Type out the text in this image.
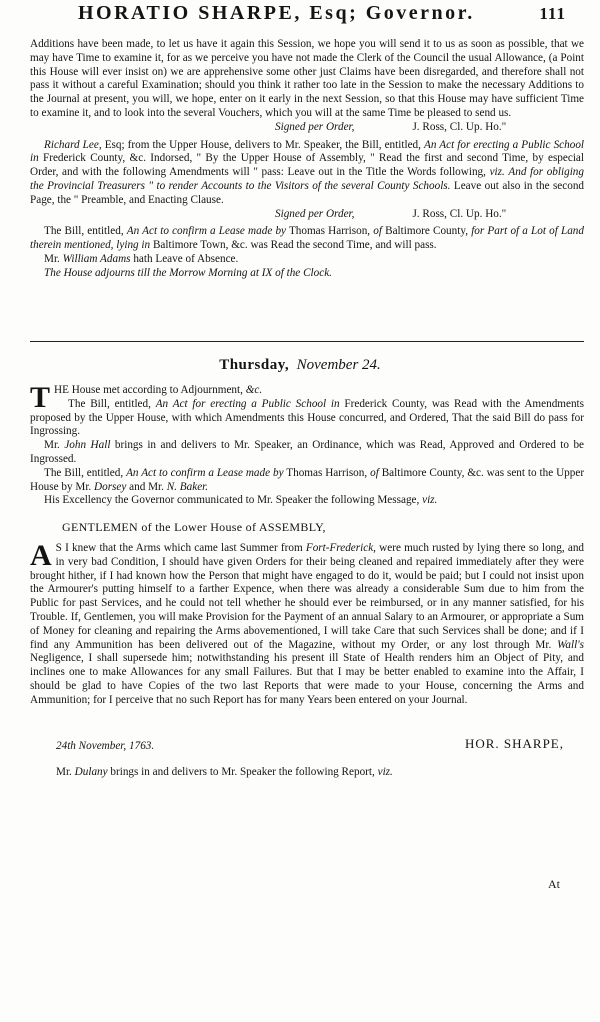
HORATIO SHARPE, Esq; Governor.	111

Additions have been made, to let us have it again this Session, we hope you will send it to us as soon as possible, that we may have Time to examine it, for as we perceive you have not made the Clerk of the Council the usual Allowance, (a Point this House will ever insist on) we are apprehensive some other just Claims have been disregarded, and therefore shall not pass it without a careful Examination; should you think it rather too late in the Session to make the necessary Additions to the Journal at present, you will, we hope, enter on it early in the next Session, so that this House may have sufficient Time to examine it, and to look into the several Vouchers, which you will at the same Time be pleased to send us.

Signed per Order,	J. Ross, Cl. Up. Ho."

Richard Lee, Esq; from the Upper House, delivers to Mr. Speaker, the Bill, entitled, An Act for erecting a Public School in Frederick County, &c. Indorsed, " By the Upper House of Assembly, " Read the first and second Time, by especial Order, and with the following Amendments will " pass: Leave out in the Title the Words following, viz. And for obliging the Provincial Treasurers " to render Accounts to the Visitors of the several County Schools. Leave out also in the second Page, the " Preamble, and Enacting Clause.

Signed per Order,	J. Ross, Cl. Up. Ho."

The Bill, entitled, An Act to confirm a Lease made by Thomas Harrison, of Baltimore County, for Part of a Lot of Land therein mentioned, lying in Baltimore Town, &c. was Read the second Time, and will pass.

Mr. William Adams hath Leave of Absence.

The House adjourns till the Morrow Morning at IX of the Clock.

Thursday, November 24.

THE House met according to Adjournment, &c.

The Bill, entitled, An Act for erecting a Public School in Frederick County, was Read with the Amendments proposed by the Upper House, with which Amendments this House concurred, and Ordered, That the said Bill do pass for Ingrossing.

Mr. John Hall brings in and delivers to Mr. Speaker, an Ordinance, which was Read, Approved and Ordered to be Ingrossed.

The Bill, entitled, An Act to confirm a Lease made by Thomas Harrison, of Baltimore County, &c. was sent to the Upper House by Mr. Dorsey and Mr. N. Baker.

His Excellency the Governor communicated to Mr. Speaker the following Message, viz.

GENTLEMEN of the Lower House of ASSEMBLY,

A S I knew that the Arms which came last Summer from Fort-Frederick, were much rusted by lying there so long, and in very bad Condition, I should have given Orders for their being cleaned and repaired immediately after they were brought hither, if I had known how the Person that might have engaged to do it, would be paid; but I could not insist upon the Armourer's putting himself to a farther Expence, when there was already a considerable Sum due to him from the Public for past Services, and he could not tell whether he should ever be reimbursed, or in any manner satisfied, for his Trouble. If, Gentlemen, you will make Provision for the Payment of an annual Salary to an Armourer, or appropriate a Sum of Money for cleaning and repairing the Arms abovementioned, I will take Care that such Services shall be done; and if I find any Ammunition has been delivered out of the Magazine, without my Order, or any lost through Mr. Wall's Negligence, I shall supersede him; notwithstanding his present ill State of Health renders him an Object of Pity, and inclines one to make Allowances for any small Failures. But that I may be better enabled to examine into the Affair, I should be glad to have Copies of the two last Reports that were made to your House, concerning the Arms and Ammunition; for I perceive that no such Report has for many Years been entered on your Journal.

24th November, 1763.	HOR. SHARPE,
Mr. Dulany brings in and delivers to Mr. Speaker the following Report, viz.
At
